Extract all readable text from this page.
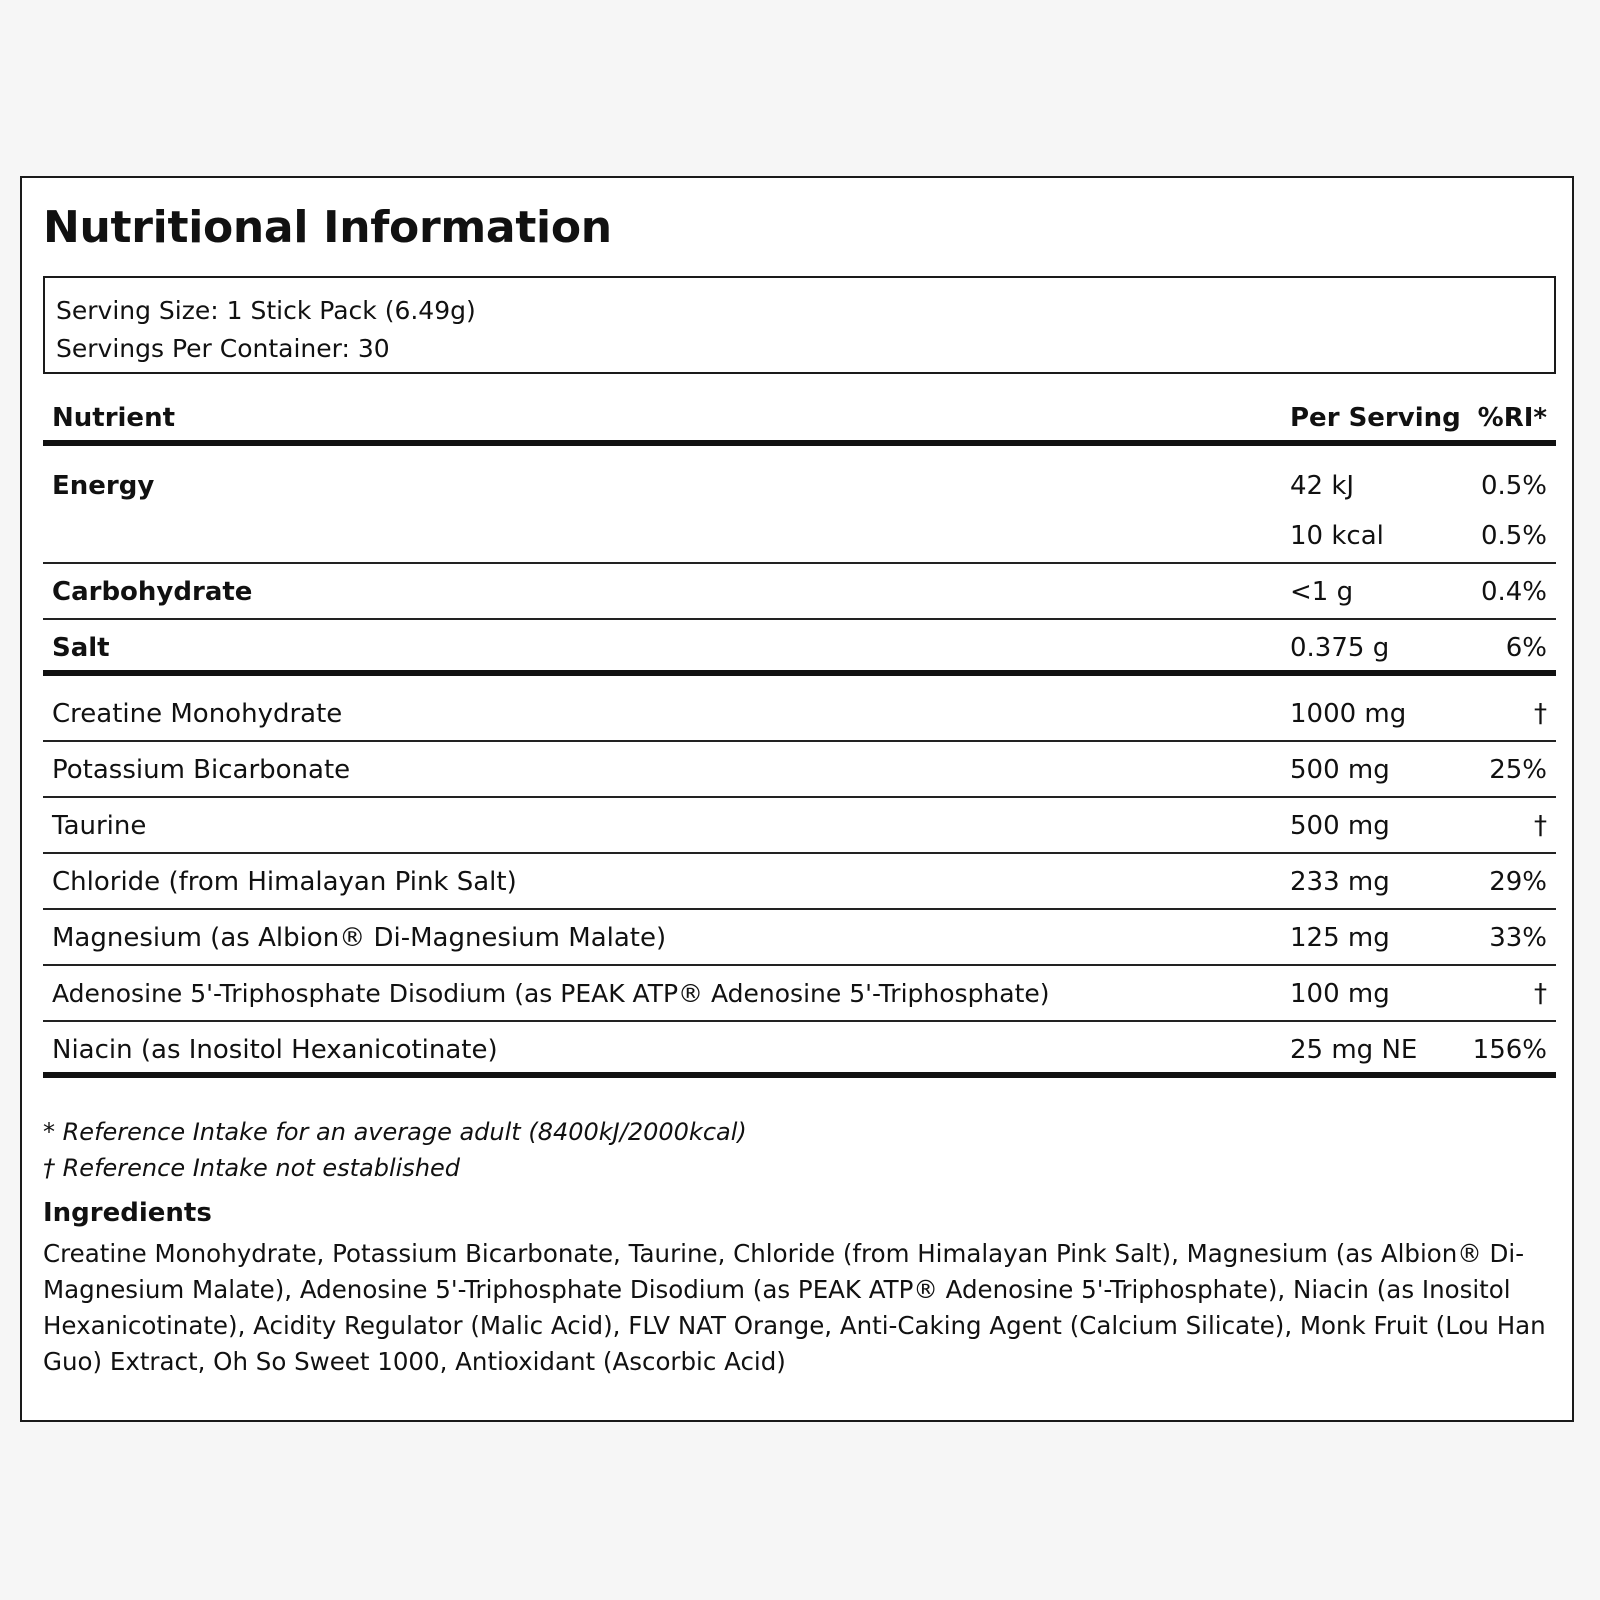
Nutritional Information
Serving Size: 1 Stick Pack (6.49g)
Servings Per Container: 30
Nutrient	Per Serving %RI*
Energy	42 kJ	0.5%
10 kcal	0.5%
Carbohydrate	<1 g	0.4%
Salt	0.375 g	6%
Creatine Monohydrate	1000 mg	†
Potassium Bicarbonate	500 mg	25%
Taurine	500 mg	†
Chloride (from Himalayan Pink Salt)	233 mg	29%
Magnesium (as Albion® Di-Magnesium Malate)	125 mg	33%
Adenosine 5'-Triphosphate Disodium (as PEAK ATP® Adenosine 5'-Triphosphate)	100 mg	†
Niacin (as Inositol Hexanicotinate)	25 mg NE 156%
* Reference Intake for an average adult (8400kJ/2000kcal)
† Reference Intake not established
Ingredients
Creatine Monohydrate, Potassium Bicarbonate, Taurine, Chloride (from Himalayan Pink Salt), Magnesium (as Albion® Di-Magnesium Malate), Adenosine 5'-Triphosphate Disodium (as PEAK ATP® Adenosine 5'-Triphosphate), Niacin (as Inositol Hexanicotinate), Acidity Regulator (Malic Acid), FLV NAT Orange, Anti-Caking Agent (Calcium Silicate), Monk Fruit (Lou Han Guo) Extract, Oh So Sweet 1000, Antioxidant (Ascorbic Acid)
